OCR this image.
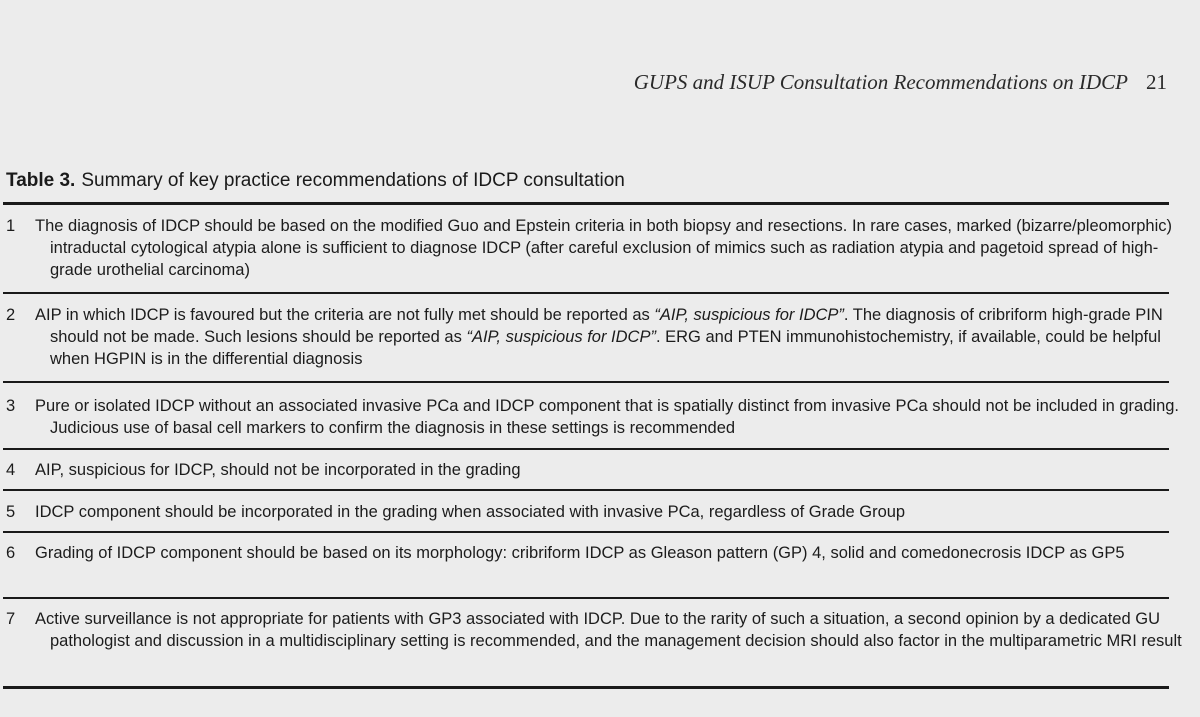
GUPS and ISUP Consultation Recommendations on IDCP 21
Table 3. Summary of key practice recommendations of IDCP consultation
1 The diagnosis of IDCP should be based on the modified Guo and Epstein criteria in both biopsy and resections. In rare cases, marked (bizarre/pleomorphic) intraductal cytological atypia alone is sufficient to diagnose IDCP (after careful exclusion of mimics such as radiation atypia and pagetoid spread of high-grade urothelial carcinoma)
2 AIP in which IDCP is favoured but the criteria are not fully met should be reported as “AIP, suspicious for IDCP”. The diagnosis of cribriform high-grade PIN should not be made. Such lesions should be reported as “AIP, suspicious for IDCP”. ERG and PTEN immunohistochemistry, if available, could be helpful when HGPIN is in the differential diagnosis
3 Pure or isolated IDCP without an associated invasive PCa and IDCP component that is spatially distinct from invasive PCa should not be included in grading. Judicious use of basal cell markers to confirm the diagnosis in these settings is recommended
4 AIP, suspicious for IDCP, should not be incorporated in the grading
5 IDCP component should be incorporated in the grading when associated with invasive PCa, regardless of Grade Group
6 Grading of IDCP component should be based on its morphology: cribriform IDCP as Gleason pattern (GP) 4, solid and comedonecrosis IDCP as GP5
7 Active surveillance is not appropriate for patients with GP3 associated with IDCP. Due to the rarity of such a situation, a second opinion by a dedicated GU pathologist and discussion in a multidisciplinary setting is recommended, and the management decision should also factor in the multiparametric MRI result
